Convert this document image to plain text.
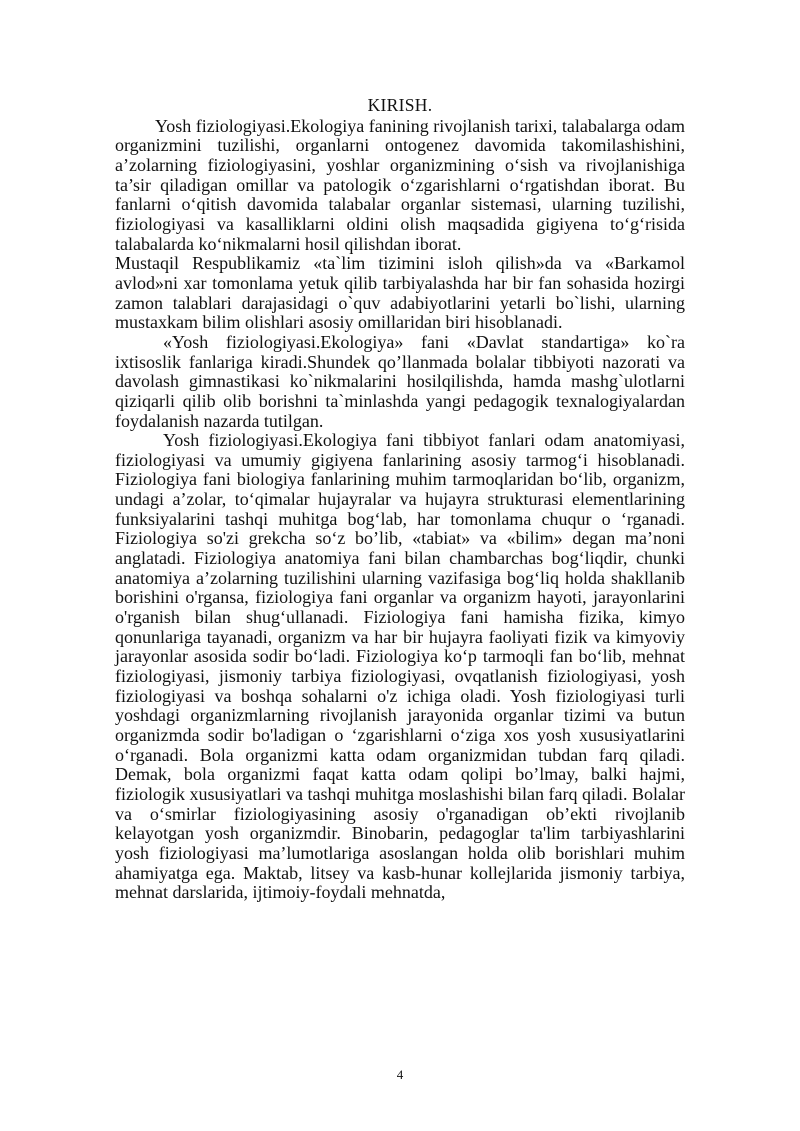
KIRISH.

Yosh fiziologiyasi.Ekologiya fanining rivojlanish tarixi, talabalarga odam organizmini tuzilishi, organlarni ontogenez davomida takomilashishini, a’zolarning fiziologiyasini, yoshlar organizmining o‘sish va rivojlanishiga ta’sir qiladigan omillar va patologik o‘zgarishlarni o‘rgatishdan iborat. Bu fanlarni o‘qitish davomida talabalar organlar sistemasi, ularning tuzilishi, fiziologiyasi va kasalliklarni oldini olish maqsadida gigiyena to‘g‘risida talabalarda ko‘nikmalarni hosil qilishdan iborat.

Mustaqil Respublikamiz «ta`lim tizimini isloh qilish»da va «Barkamol avlod»ni xar tomonlama yetuk qilib tarbiyalashda har bir fan sohasida hozirgi zamon talablari darajasidagi o`quv adabiyotlarini yetarli bo`lishi, ularning mustaxkam bilim olishlari asosiy omillaridan biri hisoblanadi.

«Yosh fiziologiyasi.Ekologiya» fani «Davlat standartiga» ko`ra ixtisoslik fanlariga kiradi.Shundek qo’llanmada bolalar tibbiyoti nazorati va davolash gimnastikasi ko`nikmalarini hosilqilishda, hamda mashg`ulotlarni qiziqarli qilib olib borishni ta`minlashda yangi pedagogik texnalogiyalardan foydalanish nazarda tutilgan.

Yosh fiziologiyasi.Ekologiya fani tibbiyot fanlari odam anatomiyasi, fiziologiyasi va umumiy gigiyena fanlarining asosiy tarmog‘i hisoblanadi. Fiziologiya fani biologiya fanlarining muhim tarmoqlaridan bo‘lib, organizm, undagi a’zolar, to‘qimalar hujayralar va hujayra strukturasi elementlarining funksiyalarini tashqi muhitga bog‘lab, har tomonlama chuqur o ‘rganadi. Fiziologiya so'zi grekcha so‘z bo’lib, «tabiat» va «bilim» degan ma’noni anglatadi. Fiziologiya anatomiya fani bilan chambarchas bog‘liqdir, chunki anatomiya a’zolarning tuzilishini ularning vazifasiga bog‘liq holda shakllanib borishini o'rgansa, fiziologiya fani organlar va organizm hayoti, jarayonlarini o'rganish bilan shug‘ullanadi. Fiziologiya fani hamisha fizika, kimyo qonunlariga tayanadi, organizm va har bir hujayra faoliyati fizik va kimyoviy jarayonlar asosida sodir bo‘ladi. Fiziologiya ko‘p tarmoqli fan bo‘lib, mehnat fiziologiyasi, jismoniy tarbiya fiziologiyasi, ovqatlanish fiziologiyasi, yosh fiziologiyasi va boshqa sohalarni o'z ichiga oladi. Yosh fiziologiyasi turli yoshdagi organizmlarning rivojlanish jarayonida organlar tizimi va butun organizmda sodir bo'ladigan o ‘zgarishlarni o‘ziga xos yosh xususiyatlarini o‘rganadi. Bola organizmi katta odam organizmidan tubdan farq qiladi. Demak, bola organizmi faqat katta odam qolipi bo’lmay, balki hajmi, fiziologik xususiyatlari va tashqi muhitga moslashishi bilan farq qiladi. Bolalar va o‘smirlar fiziologiyasining asosiy o'rganadigan ob’ekti rivojlanib kelayotgan yosh organizmdir. Binobarin, pedagoglar ta'lim tarbiyashlarini yosh fiziologiyasi ma’lumotlariga asoslangan holda olib borishlari muhim ahamiyatga ega. Maktab, litsey va kasb-hunar kollejlarida jismoniy tarbiya, mehnat darslarida, ijtimoiy-foydali mehnatda,

4
